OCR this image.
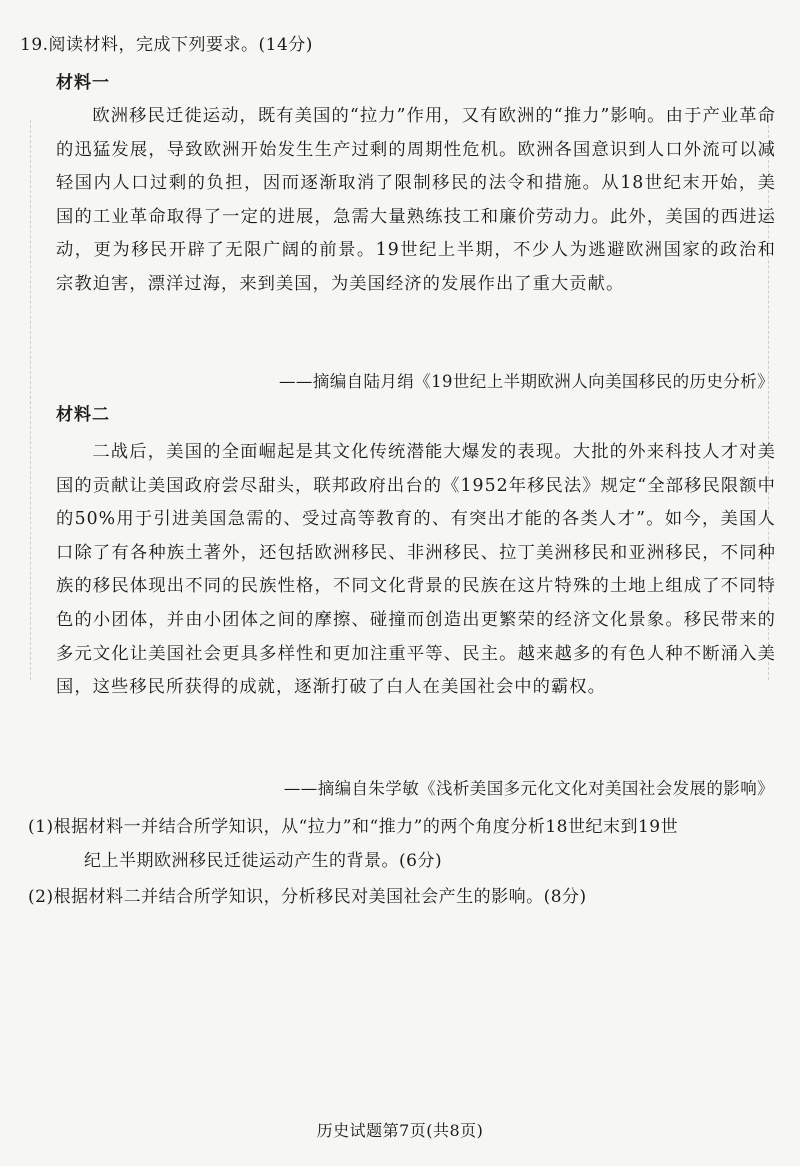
19.阅读材料，完成下列要求。(14分)
材料一

欧洲移民迁徙运动，既有美国的“拉力”作用，又有欧洲的“推力”影响。由于产业革命的迅猛发展，导致欧洲开始发生生产过剩的周期性危机。欧洲各国意识到人口外流可以减轻国内人口过剩的负担，因而逐渐取消了限制移民的法令和措施。从18世纪末开始，美国的工业革命取得了一定的进展，急需大量熟练技工和廉价劳动力。此外，美国的西进运动，更为移民开辟了无限广阔的前景。19世纪上半期，不少人为逃避欧洲国家的政治和宗教迫害，漂洋过海，来到美国，为美国经济的发展作出了重大贡献。

——摘编自陆月绢《19世纪上半期欧洲人向美国移民的历史分析》
材料二

二战后，美国的全面崛起是其文化传统潜能大爆发的表现。大批的外来科技人才对美国的贡献让美国政府尝尽甜头，联邦政府出台的《1952年移民法》规定“全部移民限额中的50%用于引进美国急需的、受过高等教育的、有突出才能的各类人才”。如今，美国人口除了有各种族土著外，还包括欧洲移民、非洲移民、拉丁美洲移民和亚洲移民，不同种族的移民体现出不同的民族性格，不同文化背景的民族在这片特殊的土地上组成了不同特色的小团体，并由小团体之间的摩擦、碰撞而创造出更繁荣的经济文化景象。移民带来的多元文化让美国社会更具多样性和更加注重平等、民主。越来越多的有色人种不断涌入美国，这些移民所获得的成就，逐渐打破了白人在美国社会中的霸权。

——摘编自朱学敏《浅析美国多元化文化对美国社会发展的影响》
(1)根据材料一并结合所学知识，从“拉力”和“推力”的两个角度分析18世纪末到19世
纪上半期欧洲移民迁徙运动产生的背景。(6分)
(2)根据材料二并结合所学知识，分析移民对美国社会产生的影响。(8分)
历史试题第7页(共8页)
